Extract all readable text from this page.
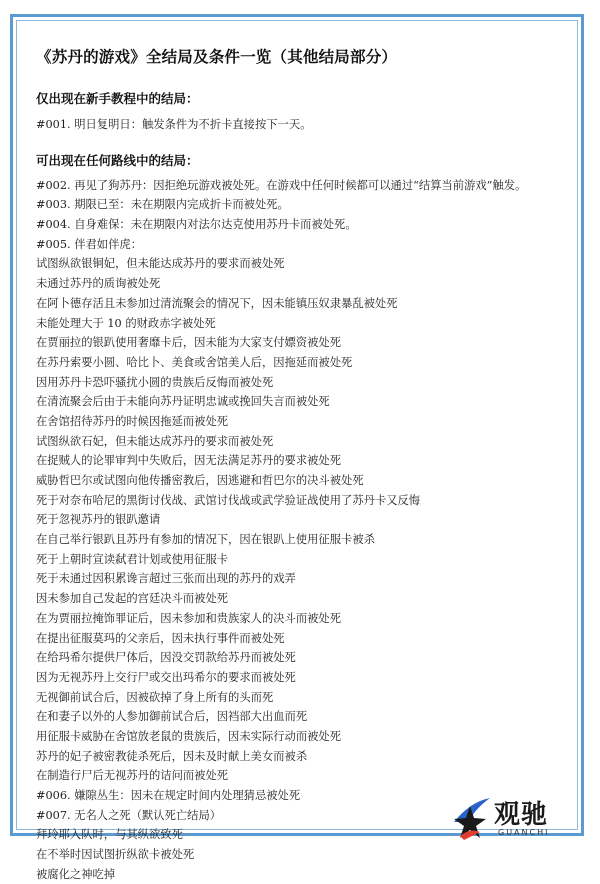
《苏丹的游戏》全结局及条件一览（其他结局部分）
仅出现在新手教程中的结局：
#001. 明日复明日：触发条件为不折卡直接按下一天。
可出现在任何路线中的结局：
#002. 再见了狗苏丹：因拒绝玩游戏被处死。在游戏中任何时候都可以通过“结算当前游戏”触发。
#003. 期限已至：未在期限内完成折卡而被处死。
#004. 自身难保：未在期限内对法尔达克使用苏丹卡而被处死。
#005. 伴君如伴虎：
试图纵欲银铜妃，但未能达成苏丹的要求而被处死
未通过苏丹的质询被处死
在阿卜德存活且未参加过清流聚会的情况下，因未能镇压奴隶暴乱被处死
未能处理大于 10 的财政赤字被处死
在贾丽拉的银趴使用奢靡卡后，因未能为大家支付嫖资被处死
在苏丹索要小圆、哈比卜、美食或舍馆美人后，因拖延而被处死
因用苏丹卡恐吓骚扰小圆的贵族后反悔而被处死
在清流聚会后由于未能向苏丹证明忠诚或挽回失言而被处死
在舍馆招待苏丹的时候因拖延而被处死
试图纵欲石妃，但未能达成苏丹的要求而被处死
在捉贼人的论罪审判中失败后，因无法满足苏丹的要求被处死
威胁哲巴尔或试图向他传播密教后，因逃避和哲巴尔的决斗被处死
死于对奈布哈尼的黑街讨伐战、武馆讨伐战或武学验证战使用了苏丹卡又反悔
死于忽视苏丹的银趴邀请
在自己举行银趴且苏丹有参加的情况下，因在银趴上使用征服卡被杀
死于上朝时宣读弑君计划或使用征服卡
死于未通过因积累谗言超过三张而出现的苏丹的戏弄
因未参加自己发起的宫廷决斗而被处死
在为贾丽拉掩饰罪证后，因未参加和贵族家人的决斗而被处死
在提出征服莫玛的父亲后，因未执行事件而被处死
在给玛希尔提供尸体后，因没交罚款给苏丹而被处死
因为无视苏丹上交行尸或交出玛希尔的要求而被处死
无视御前试合后，因被砍掉了身上所有的头而死
在和妻子以外的人参加御前试合后，因裆部大出血而死
用征服卡威胁在舍馆放老鼠的贵族后，因未实际行动而被处死
苏丹的妃子被密教徒杀死后，因未及时献上美女而被杀
在制造行尸后无视苏丹的诘问而被处死
#006. 嫌隙丛生：因未在规定时间内处理猜忌被处死
#007. 无名人之死（默认死亡结局）
拜玲耶入队时，与其纵欲致死
在不举时因试图折纵欲卡被处死
被腐化之神吃掉
观驰
GUANCHI
